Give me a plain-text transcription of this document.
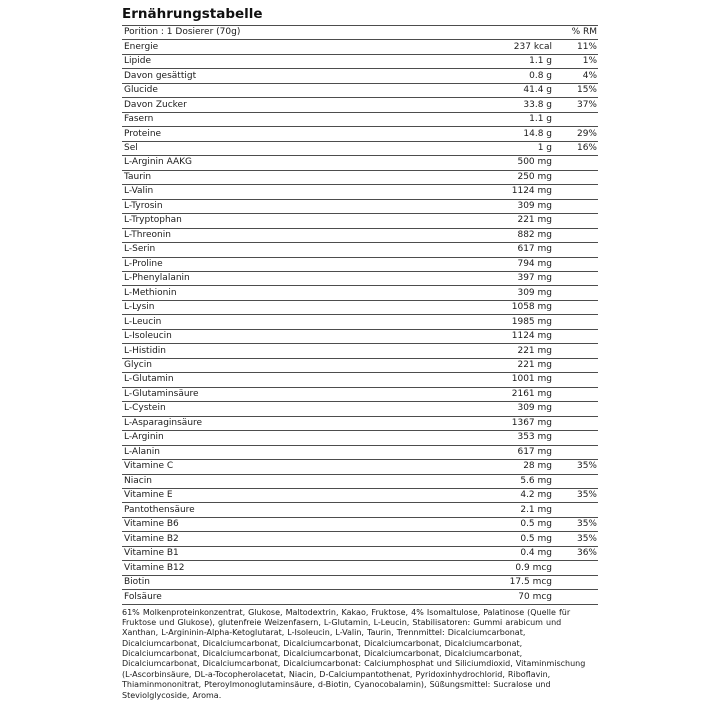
Ernährungstabelle
Porition : 1 Dosierer (70g)	% RM
Energie	237 kcal	11%
Lipide	1.1 g	1%
Davon gesättigt	0.8 g	4%
Glucide	41.4 g	15%
Davon Zucker	33.8 g	37%
Fasern	1.1 g
Proteine	14.8 g	29%
Sel	1 g	16%
L-Arginin AAKG	500 mg
Taurin	250 mg
L-Valin	1124 mg
L-Tyrosin	309 mg
L-Tryptophan	221 mg
L-Threonin	882 mg
L-Serin	617 mg
L-Proline	794 mg
L-Phenylalanin	397 mg
L-Methionin	309 mg
L-Lysin	1058 mg
L-Leucin	1985 mg
L-Isoleucin	1124 mg
L-Histidin	221 mg
Glycin	221 mg
L-Glutamin	1001 mg
L-Glutaminsäure	2161 mg
L-Cystein	309 mg
L-Asparaginsäure	1367 mg
L-Arginin	353 mg
L-Alanin	617 mg
Vitamine C	28 mg	35%
Niacin	5.6 mg
Vitamine E	4.2 mg	35%
Pantothensäure	2.1 mg
Vitamine B6	0.5 mg	35%
Vitamine B2	0.5 mg	35%
Vitamine B1	0.4 mg	36%
Vitamine B12	0.9 mcg
Biotin	17.5 mcg
Folsäure	70 mcg
61% Molkenproteinkonzentrat, Glukose, Maltodextrin, Kakao, Fruktose, 4% Isomaltulose, Palatinose (Quelle für Fruktose und Glukose), glutenfreie Weizenfasern, L-Glutamin, L-Leucin, Stabilisatoren: Gummi arabicum und Xanthan, L-Argininin-Alpha-Ketoglutarat, L-Isoleucin, L-Valin, Taurin, Trennmittel: Dicalciumcarbonat, Dicalciumcarbonat, Dicalciumcarbonat, Dicalciumcarbonat, Dicalciumcarbonat, Dicalciumcarbonat, Dicalciumcarbonat, Dicalciumcarbonat, Dicalciumcarbonat, Dicalciumcarbonat, Dicalciumcarbonat, Dicalciumcarbonat, Dicalciumcarbonat, Dicalciumcarbonat: Calciumphosphat und Siliciumdioxid, Vitaminmischung (L-Ascorbinsäure, DL-a-Tocopherolacetat, Niacin, D-Calciumpantothenat, Pyridoxinhydrochlorid, Riboflavin, Thiaminmononitrat, Pteroylmonoglutaminsäure, d-Biotin, Cyanocobalamin), Süßungsmittel: Sucralose und Steviolglycoside, Aroma.
